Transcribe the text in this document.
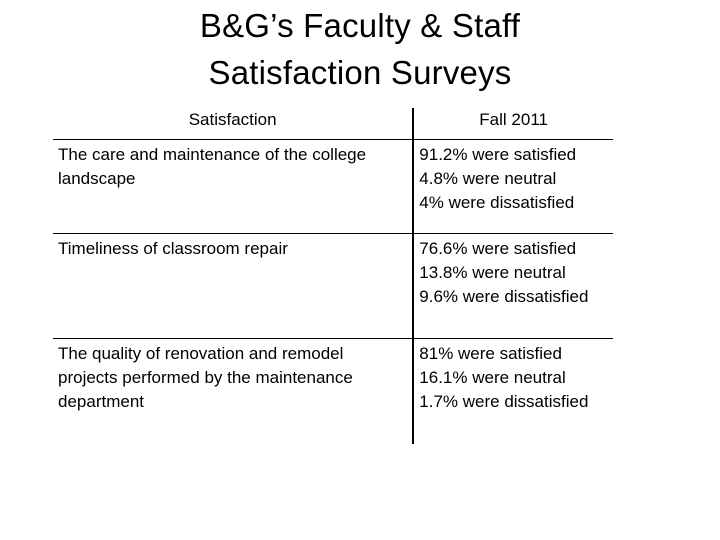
B&G’s Faculty & Staff
Satisfaction Surveys
Satisfaction	Fall 2011

The care and maintenance of the college
landscape	91.2% were satisfied
4.8% were neutral
4% were dissatisfied

Timeliness of classroom repair	76.6% were satisfied
13.8% were neutral
9.6% were dissatisfied

The quality of renovation and remodel
projects performed by the maintenance
department	81% were satisfied
16.1% were neutral
1.7% were dissatisfied
